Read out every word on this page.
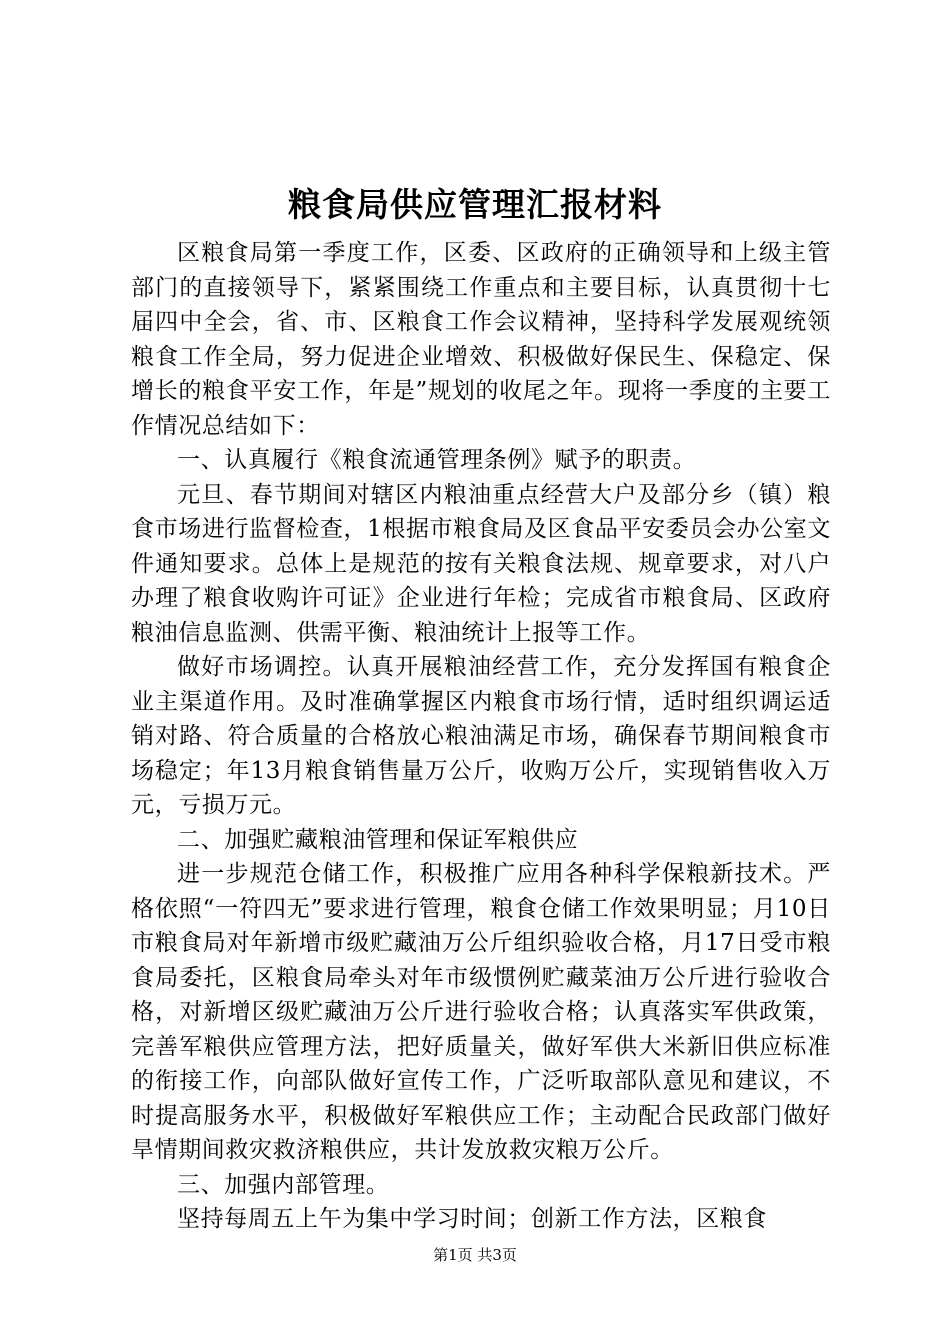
粮食局供应管理汇报材料

区粮食局第一季度工作，区委、区政府的正确领导和上级主管部门的直接领导下，紧紧围绕工作重点和主要目标，认真贯彻十七届四中全会，省、市、区粮食工作会议精神，坚持科学发展观统领粮食工作全局，努力促进企业增效、积极做好保民生、保稳定、保增长的粮食平安工作，年是”规划的收尾之年。现将一季度的主要工作情况总结如下：

一、认真履行《粮食流通管理条例》赋予的职责。

元旦、春节期间对辖区内粮油重点经营大户及部分乡（镇）粮食市场进行监督检查，1根据市粮食局及区食品平安委员会办公室文件通知要求。总体上是规范的按有关粮食法规、规章要求，对八户办理了粮食收购许可证》企业进行年检；完成省市粮食局、区政府粮油信息监测、供需平衡、粮油统计上报等工作。

做好市场调控。认真开展粮油经营工作，充分发挥国有粮食企业主渠道作用。及时准确掌握区内粮食市场行情，适时组织调运适销对路、符合质量的合格放心粮油满足市场，确保春节期间粮食市场稳定；年13月粮食销售量万公斤，收购万公斤，实现销售收入万元，亏损万元。

二、加强贮藏粮油管理和保证军粮供应

进一步规范仓储工作，积极推广应用各种科学保粮新技术。严格依照“一符四无”要求进行管理，粮食仓储工作效果明显；月10日市粮食局对年新增市级贮藏油万公斤组织验收合格，月17日受市粮食局委托，区粮食局牵头对年市级惯例贮藏菜油万公斤进行验收合格，对新增区级贮藏油万公斤进行验收合格；认真落实军供政策，完善军粮供应管理方法，把好质量关，做好军供大米新旧供应标准的衔接工作，向部队做好宣传工作，广泛听取部队意见和建议，不时提高服务水平，积极做好军粮供应工作；主动配合民政部门做好旱情期间救灾救济粮供应，共计发放救灾粮万公斤。

三、加强内部管理。

坚持每周五上午为集中学习时间；创新工作方法，区粮食

第1页 共3页
